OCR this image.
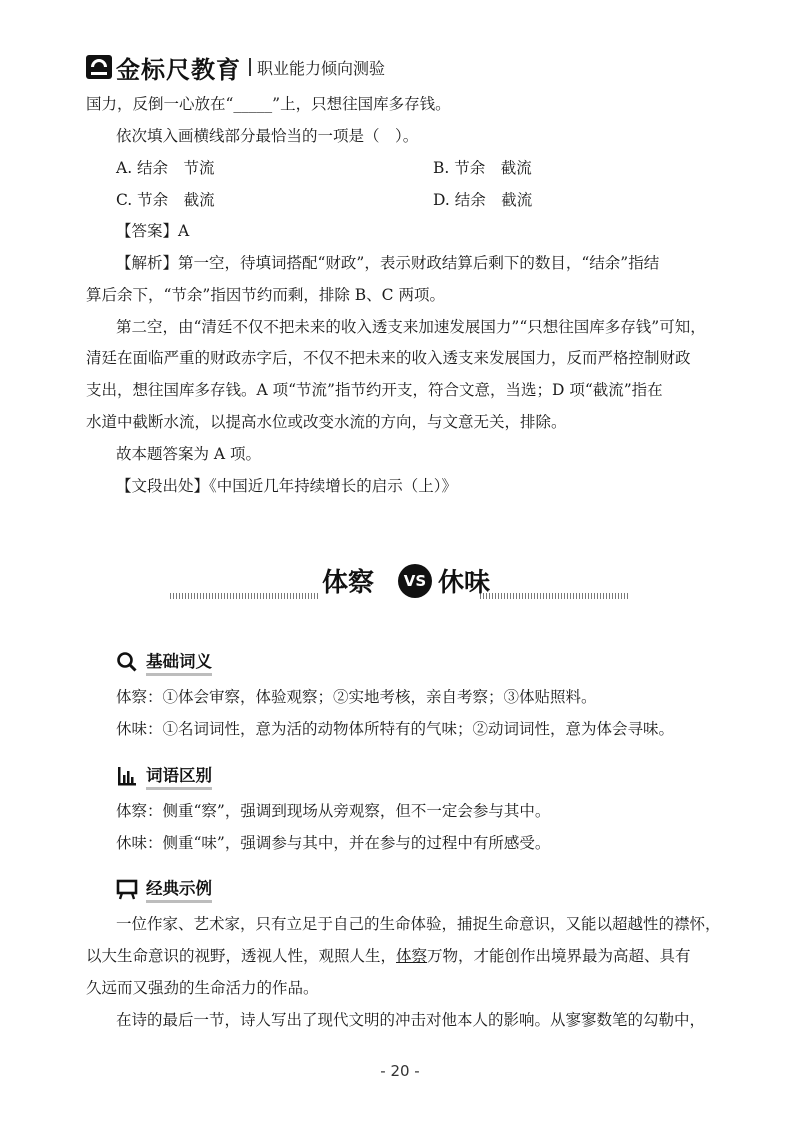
金标尺教育 职业能力倾向测验
国力，反倒一心放在“_____”上，只想往国库多存钱。
依次填入画横线部分最恰当的一项是（　）。
A. 结余　节流	B. 节余　截流
C. 节余　截流	D. 结余　截流
【答案】A
【解析】第一空，待填词搭配“财政”，表示财政结算后剩下的数目，“结余”指结
算后余下，“节余”指因节约而剩，排除 B、C 两项。
第二空，由“清廷不仅不把未来的收入透支来加速发展国力”“只想往国库多存钱”可知，
清廷在面临严重的财政赤字后，不仅不把未来的收入透支来发展国力，反而严格控制财政
支出，想往国库多存钱。A 项“节流”指节约开支，符合文意，当选；D 项“截流”指在
水道中截断水流，以提高水位或改变水流的方向，与文意无关，排除。
故本题答案为 A 项。
【文段出处】《中国近几年持续增长的启示（上）》
体察	VS 休味
基础词义
体察：①体会审察，体验观察；②实地考核，亲自考察；③体贴照料。
休味：①名词词性，意为活的动物体所特有的气味；②动词词性，意为体会寻味。
词语区别
体察：侧重“察”，强调到现场从旁观察，但不一定会参与其中。
休味：侧重“味”，强调参与其中，并在参与的过程中有所感受。
经典示例
一位作家、艺术家，只有立足于自己的生命体验，捕捉生命意识，又能以超越性的襟怀，
以大生命意识的视野，透视人性，观照人生，体察万物，才能创作出境界最为高超、具有
久远而又强劲的生命活力的作品。
在诗的最后一节，诗人写出了现代文明的冲击对他本人的影响。从寥寥数笔的勾勒中，
- 20 -
